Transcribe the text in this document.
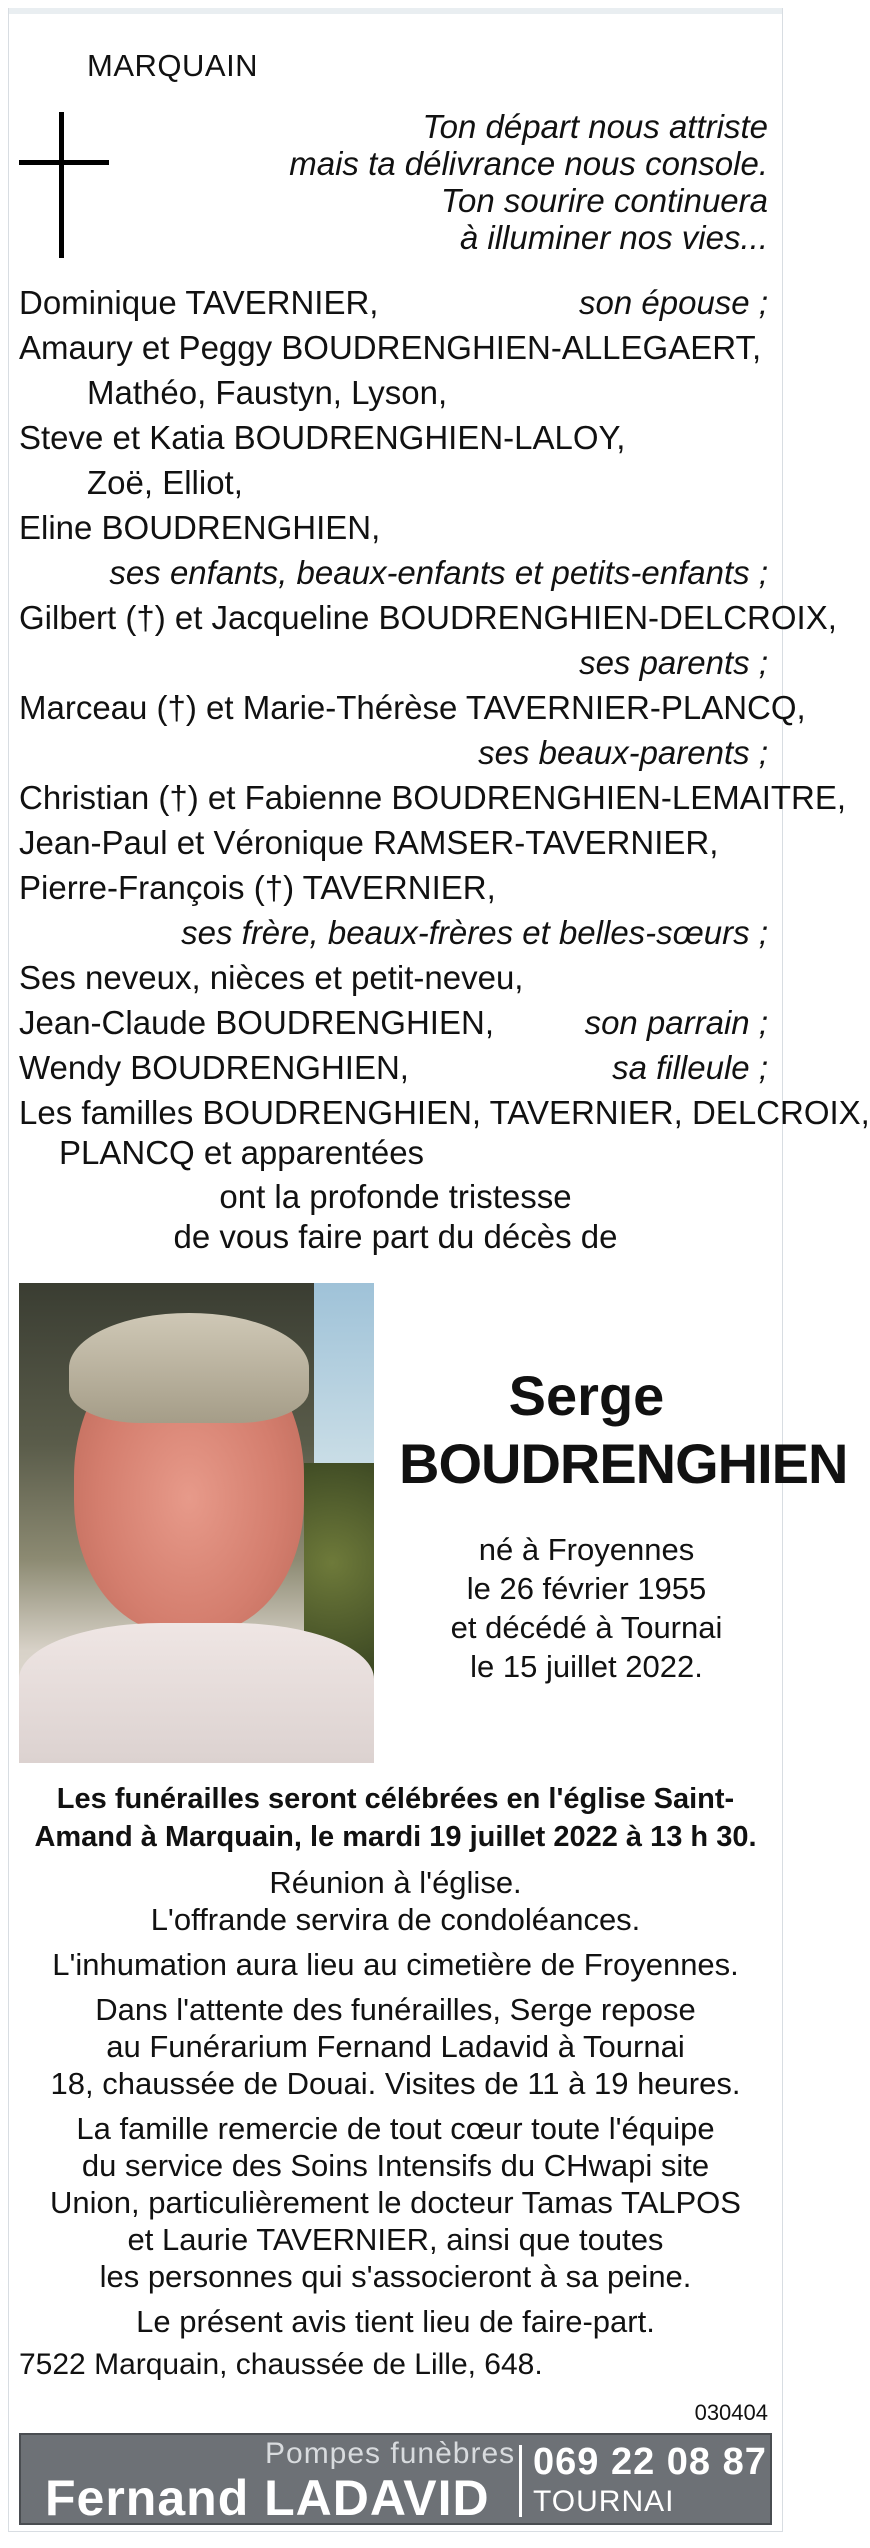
MARQUAIN
Ton départ nous attriste
mais ta délivrance nous console.
Ton sourire continuera
à illuminer nos vies...
Dominique TAVERNIER,	son épouse ;
Amaury et Peggy BOUDRENGHIEN-ALLEGAERT,
Mathéo, Faustyn, Lyson,
Steve et Katia BOUDRENGHIEN-LALOY,
Zoë, Elliot,
Eline BOUDRENGHIEN,
ses enfants, beaux-enfants et petits-enfants ;
Gilbert (†) et Jacqueline BOUDRENGHIEN-DELCROIX,
ses parents ;
Marceau (†) et Marie-Thérèse TAVERNIER-PLANCQ,
ses beaux-parents ;
Christian (†) et Fabienne BOUDRENGHIEN-LEMAITRE,
Jean-Paul et Véronique RAMSER-TAVERNIER,
Pierre-François (†) TAVERNIER,
ses frère, beaux-frères et belles-sœurs ;
Ses neveux, nièces et petit-neveu,
Jean-Claude BOUDRENGHIEN,	son parrain ;
Wendy BOUDRENGHIEN,	sa filleule ;
Les familles BOUDRENGHIEN, TAVERNIER, DELCROIX,
PLANCQ et apparentées
ont la profonde tristesse
de vous faire part du décès de
Serge
BOUDRENGHIEN
né à Froyennes
le 26 février 1955
et décédé à Tournai
le 15 juillet 2022.
Les funérailles seront célébrées en l'église Saint-
Amand à Marquain, le mardi 19 juillet 2022 à 13 h 30.
Réunion à l'église.
L'offrande servira de condoléances.
L'inhumation aura lieu au cimetière de Froyennes.
Dans l'attente des funérailles, Serge repose
au Funérarium Fernand Ladavid à Tournai
18, chaussée de Douai. Visites de 11 à 19 heures.
La famille remercie de tout cœur toute l'équipe
du service des Soins Intensifs du CHwapi site
Union, particulièrement le docteur Tamas TALPOS
et Laurie TAVERNIER, ainsi que toutes
les personnes qui s'associeront à sa peine.
Le présent avis tient lieu de faire-part.
7522 Marquain, chaussée de Lille, 648.
030404
Pompes funèbres
Fernand LADAVID
069 22 08 87
TOURNAI
